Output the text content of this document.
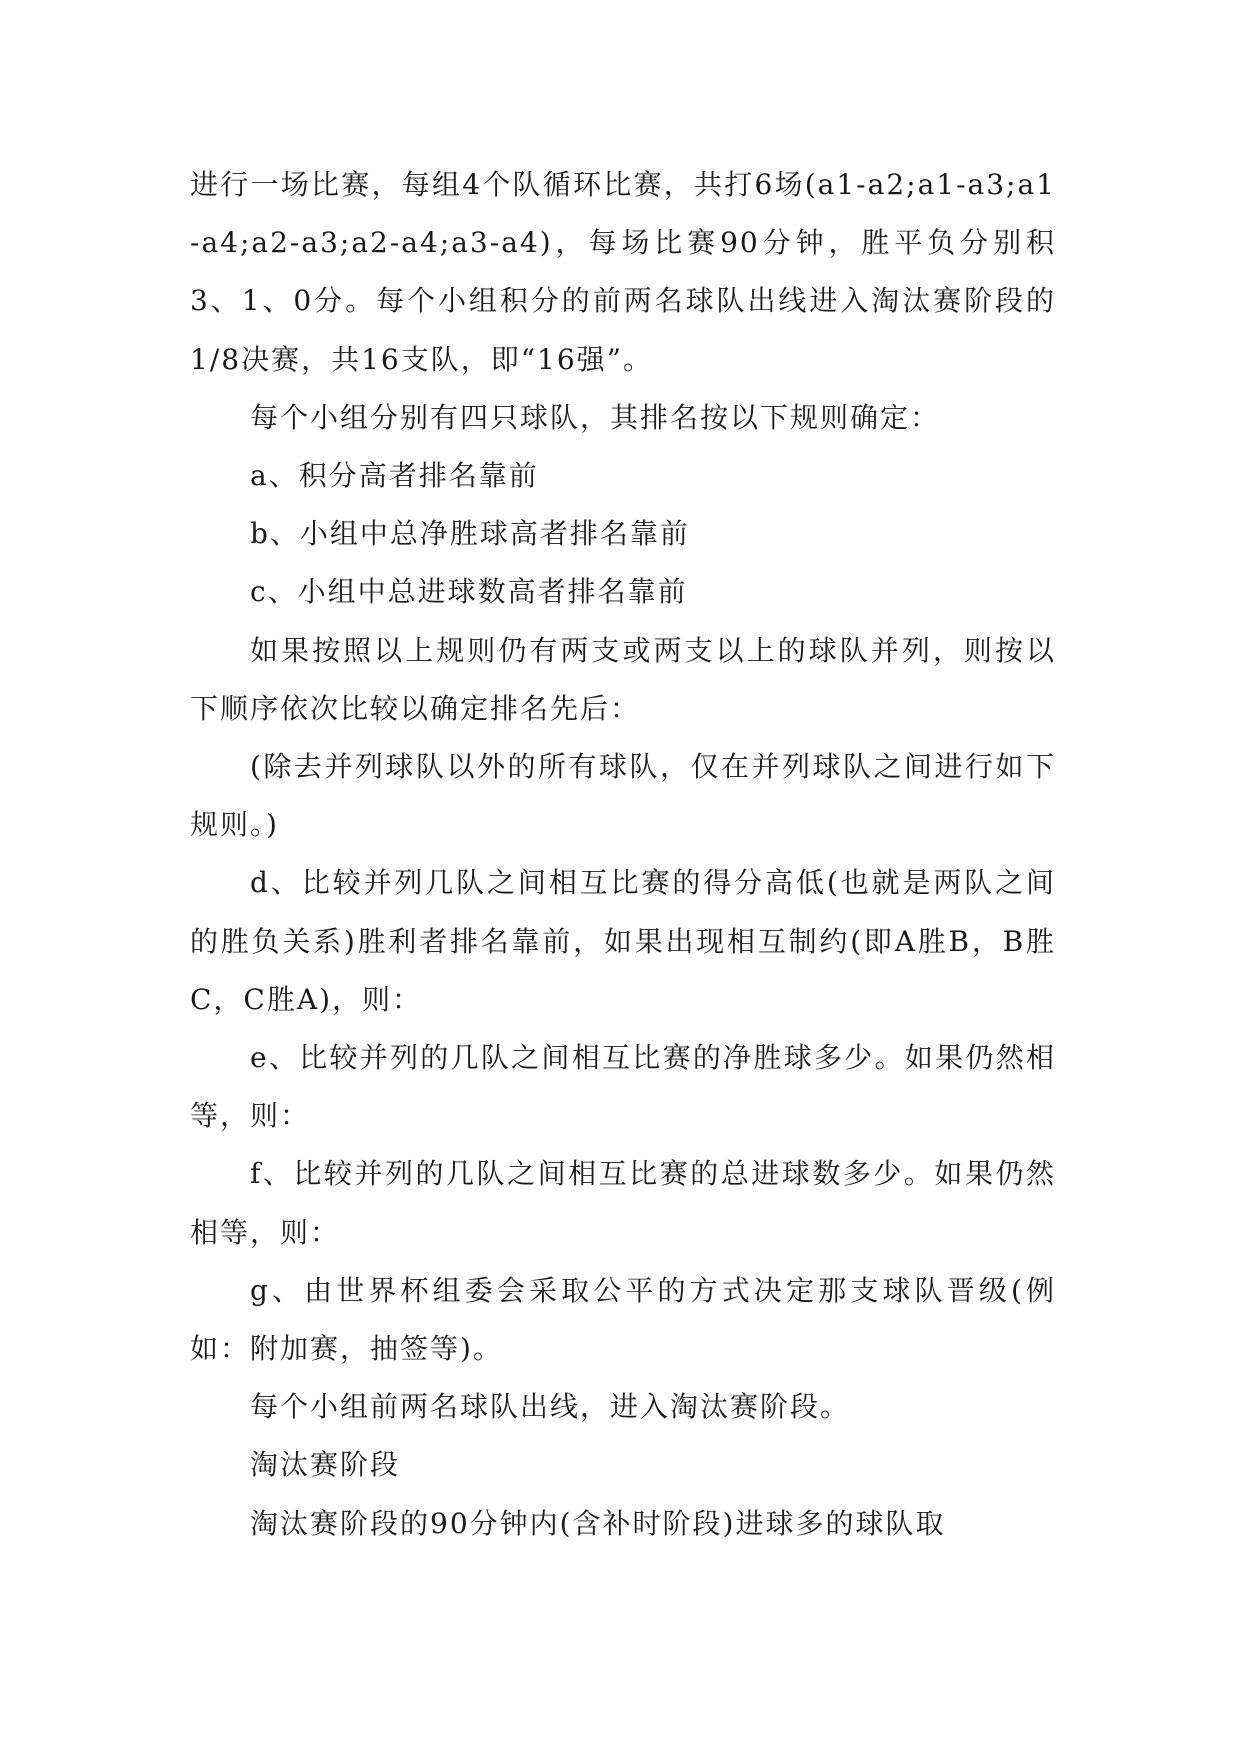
进行一场比赛，每组4个队循环比赛，共打6场(a1-a2;a1-a3;a1-a4;a2-a3;a2-a4;a3-a4)，每场比赛90分钟，胜平负分别积3、1、0分。每个小组积分的前两名球队出线进入淘汰赛阶段的1/8决赛，共16支队，即“16强”。

每个小组分别有四只球队，其排名按以下规则确定：

a、积分高者排名靠前

b、小组中总净胜球高者排名靠前

c、小组中总进球数高者排名靠前

如果按照以上规则仍有两支或两支以上的球队并列，则按以下顺序依次比较以确定排名先后：

(除去并列球队以外的所有球队，仅在并列球队之间进行如下规则。)

d、比较并列几队之间相互比赛的得分高低(也就是两队之间的胜负关系)胜利者排名靠前，如果出现相互制约(即A胜B，B胜C，C胜A)，则：

e、比较并列的几队之间相互比赛的净胜球多少。如果仍然相等，则：

f、比较并列的几队之间相互比赛的总进球数多少。如果仍然相等，则：

g、由世界杯组委会采取公平的方式决定那支球队晋级(例如：附加赛，抽签等)。

每个小组前两名球队出线，进入淘汰赛阶段。

淘汰赛阶段

淘汰赛阶段的90分钟内(含补时阶段)进球多的球队取
